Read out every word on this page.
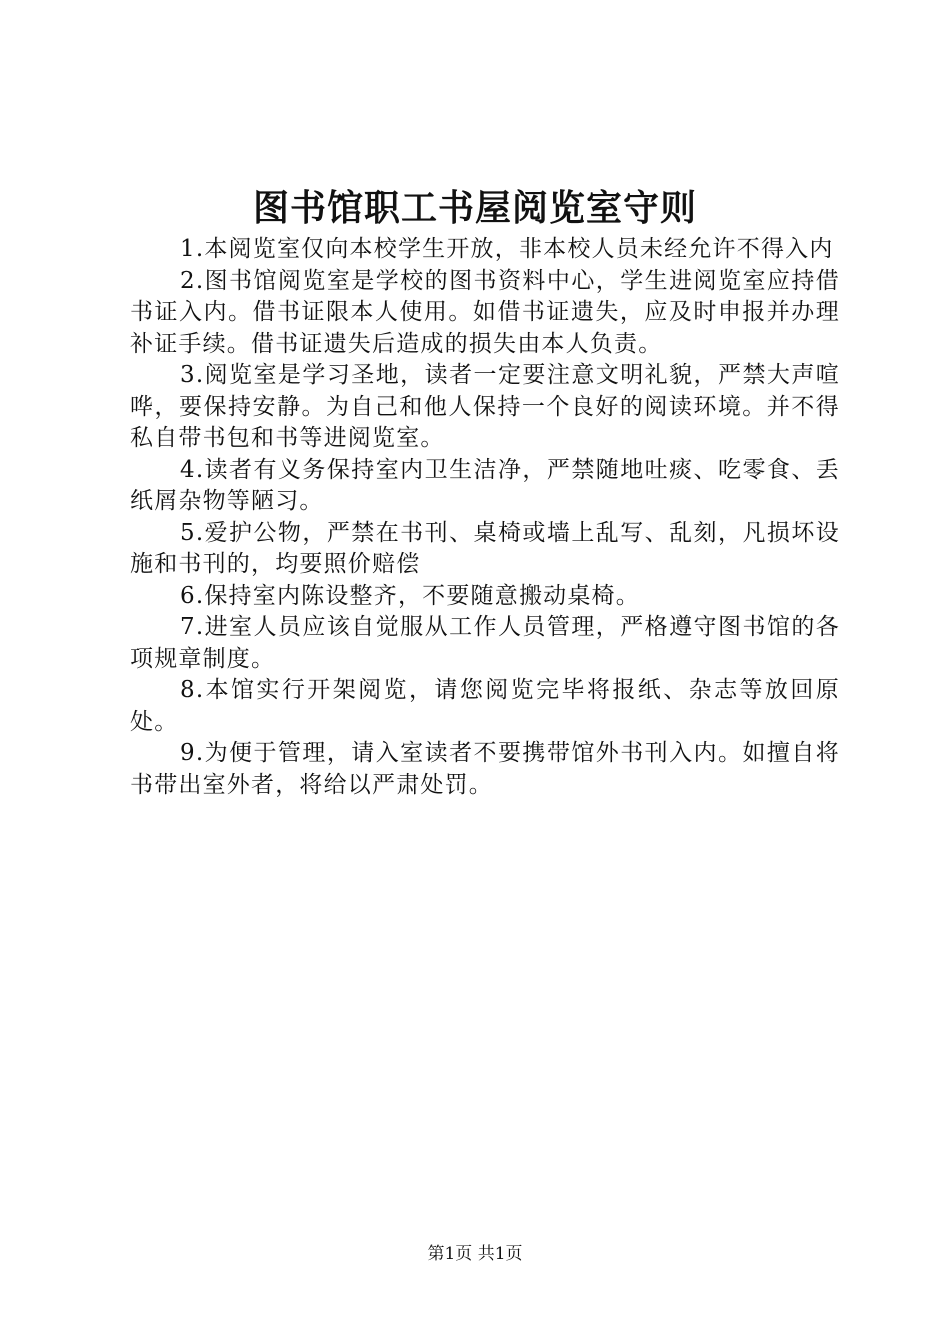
图书馆职工书屋阅览室守则

1.本阅览室仅向本校学生开放，非本校人员未经允许不得入内

2.图书馆阅览室是学校的图书资料中心，学生进阅览室应持借书证入内。借书证限本人使用。如借书证遗失，应及时申报并办理补证手续。借书证遗失后造成的损失由本人负责。

3.阅览室是学习圣地，读者一定要注意文明礼貌，严禁大声喧哗，要保持安静。为自己和他人保持一个良好的阅读环境。并不得私自带书包和书等进阅览室。

4.读者有义务保持室内卫生洁净，严禁随地吐痰、吃零食、丢纸屑杂物等陋习。

5.爱护公物，严禁在书刊、桌椅或墙上乱写、乱刻，凡损坏设施和书刊的，均要照价赔偿

6.保持室内陈设整齐，不要随意搬动桌椅。

7.进室人员应该自觉服从工作人员管理，严格遵守图书馆的各项规章制度。

8.本馆实行开架阅览，请您阅览完毕将报纸、杂志等放回原处。

9.为便于管理，请入室读者不要携带馆外书刊入内。如擅自将书带出室外者，将给以严肃处罚。

第1页 共1页
